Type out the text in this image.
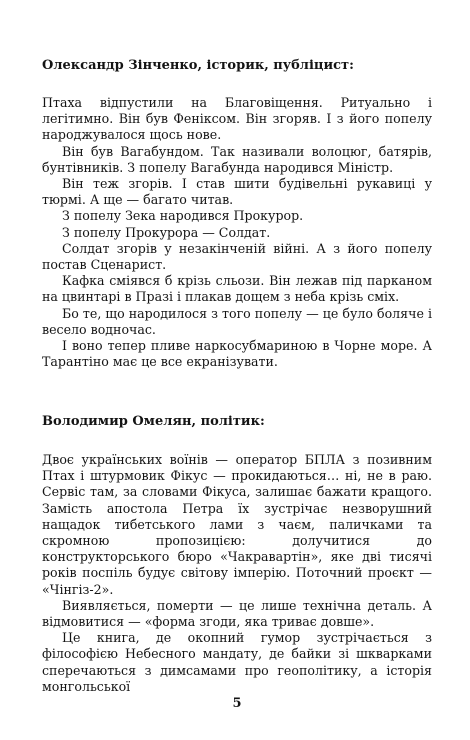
Олександр Зінченко, історик, публіцист:

Птаха відпустили на Благовіщення. Ритуально і легітимно. Він був Феніксом. Він згоряв. І з його попелу народжувалося щось нове.

Він був Вагабундом. Так називали волоцюг, батярів, бунтівників. З попелу Вагабунда народився Міністр.

Він теж згорів. І став шити будівельні рукавиці у тюрмі. А ще — багато читав.

З попелу Зека народився Прокурор.

З попелу Прокурора — Солдат.

Солдат згорів у незакінченій війні. А з його попелу постав Сценарист.

Кафка сміявся б крізь сльози. Він лежав під парканом на цвинтарі в Празі і плакав дощем з неба крізь сміх.

Бо те, що народилося з того попелу — це було боляче і весело водночас.

І воно тепер пливе наркосубмариною в Чорне море. А Тарантіно має це все екранізувати.

Володимир Омелян, політик:

Двоє українських воїнів — оператор БПЛА з позивним Птах і штурмовик Фікус — прокидаються… ні, не в раю. Сервіс там, за словами Фікуса, залишає бажати кращого. Замість апостола Петра їх зустрічає незворушний нащадок тибетського лами з чаєм, паличками та скромною пропозицією: долучитися до конструкторського бюро «Чакравартін», яке дві тисячі років поспіль будує світову імперію. Поточний проєкт — «Чінгіз-2».

Виявляється, померти — це лише технічна деталь. А відмовитися — «форма згоди, яка триває довше».

Це книга, де окопний гумор зустрічається з філософією Небесного мандату, де байки зі шкварками сперечаються з димсамами про геополітику, а історія монгольської

5
